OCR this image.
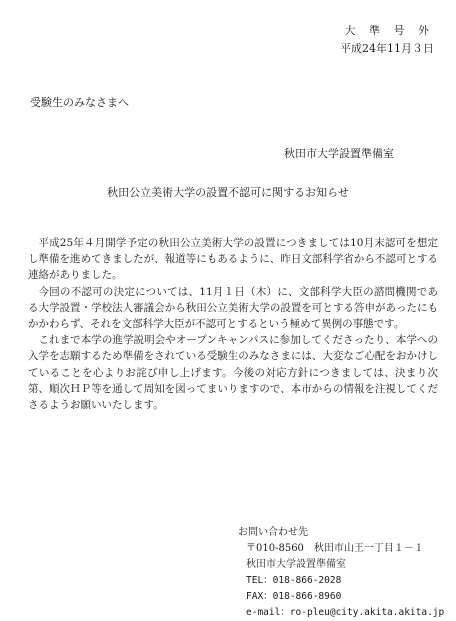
大 準 号 外
平成24年11月３日
受験生のみなさまへ
秋田市大学設置準備室
秋田公立美術大学の設置不認可に関するお知らせ

平成25年４月開学予定の秋田公立美術大学の設置につきましては10月末認可を想定し準備を進めてきましたが、報道等にもあるように、昨日文部科学省から不認可とする連絡がありました。

今回の不認可の決定については、11月１日（木）に、文部科学大臣の諮問機関である大学設置・学校法人審議会から秋田公立美術大学の設置を可とする答申があったにもかかわらず、それを文部科学大臣が不認可とするという極めて異例の事態です。

これまで本学の進学説明会やオープンキャンパスに参加してくださったり、本学への入学を志願するため準備をされている受験生のみなさまには、大変なご心配をおかけしていることを心よりお詫び申し上げます。今後の対応方針につきましては、決まり次第、順次ＨＰ等を通して周知を図ってまいりますので、本市からの情報を注視してくださるようお願いいたします。

お問い合わせ先
〒010-8560　秋田市山王一丁目１－１
秋田市大学設置準備室
TEL：018-866-2028
FAX：018-866-8960
e-mail：ro-pleu@city.akita.akita.jp
